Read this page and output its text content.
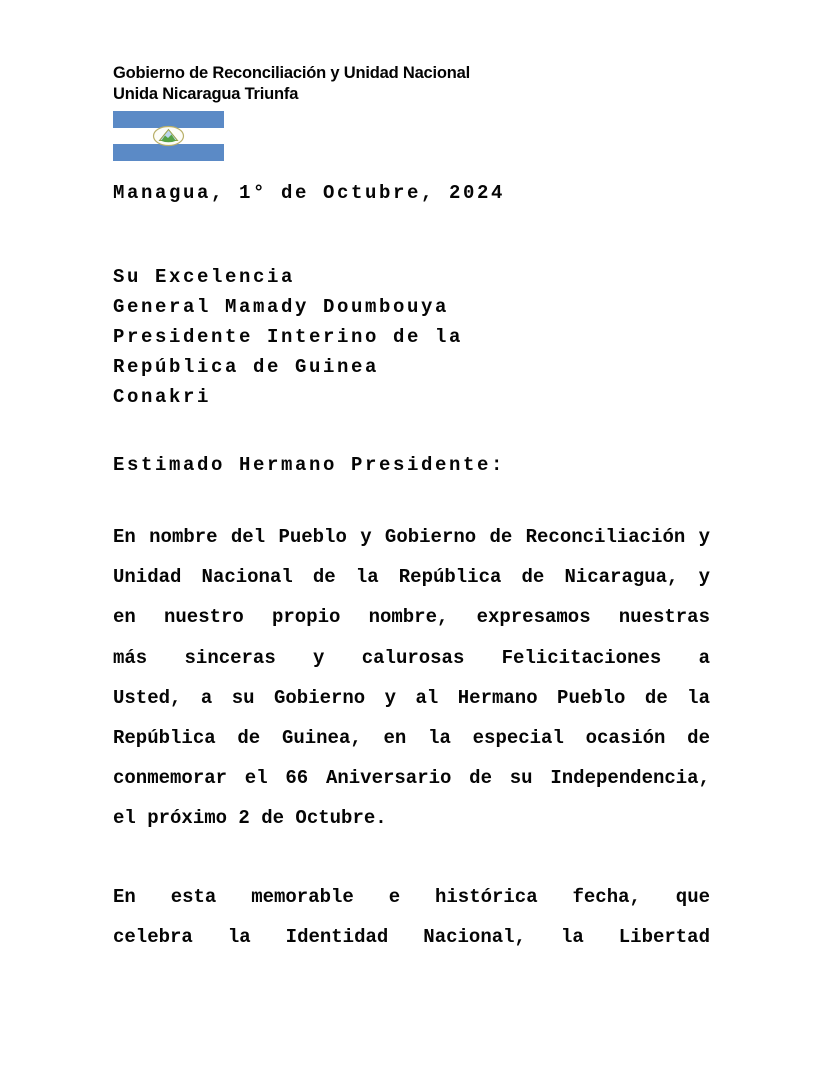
Gobierno de Reconciliación y Unidad Nacional
Unida Nicaragua Triunfa
Managua, 1° de Octubre, 2024
Su Excelencia
General Mamady Doumbouya
Presidente Interino de la
República de Guinea
Conakri
Estimado Hermano Presidente:
En nombre del Pueblo y Gobierno de Reconciliación y
Unidad Nacional de la República de Nicaragua, y
en nuestro propio nombre, expresamos nuestras
más sinceras y calurosas Felicitaciones a
Usted, a su Gobierno y al Hermano Pueblo de la
República de Guinea, en la especial ocasión de
conmemorar el 66 Aniversario de su Independencia,
el próximo 2 de Octubre.
En esta memorable e histórica fecha, que
celebra la Identidad Nacional, la Libertad
